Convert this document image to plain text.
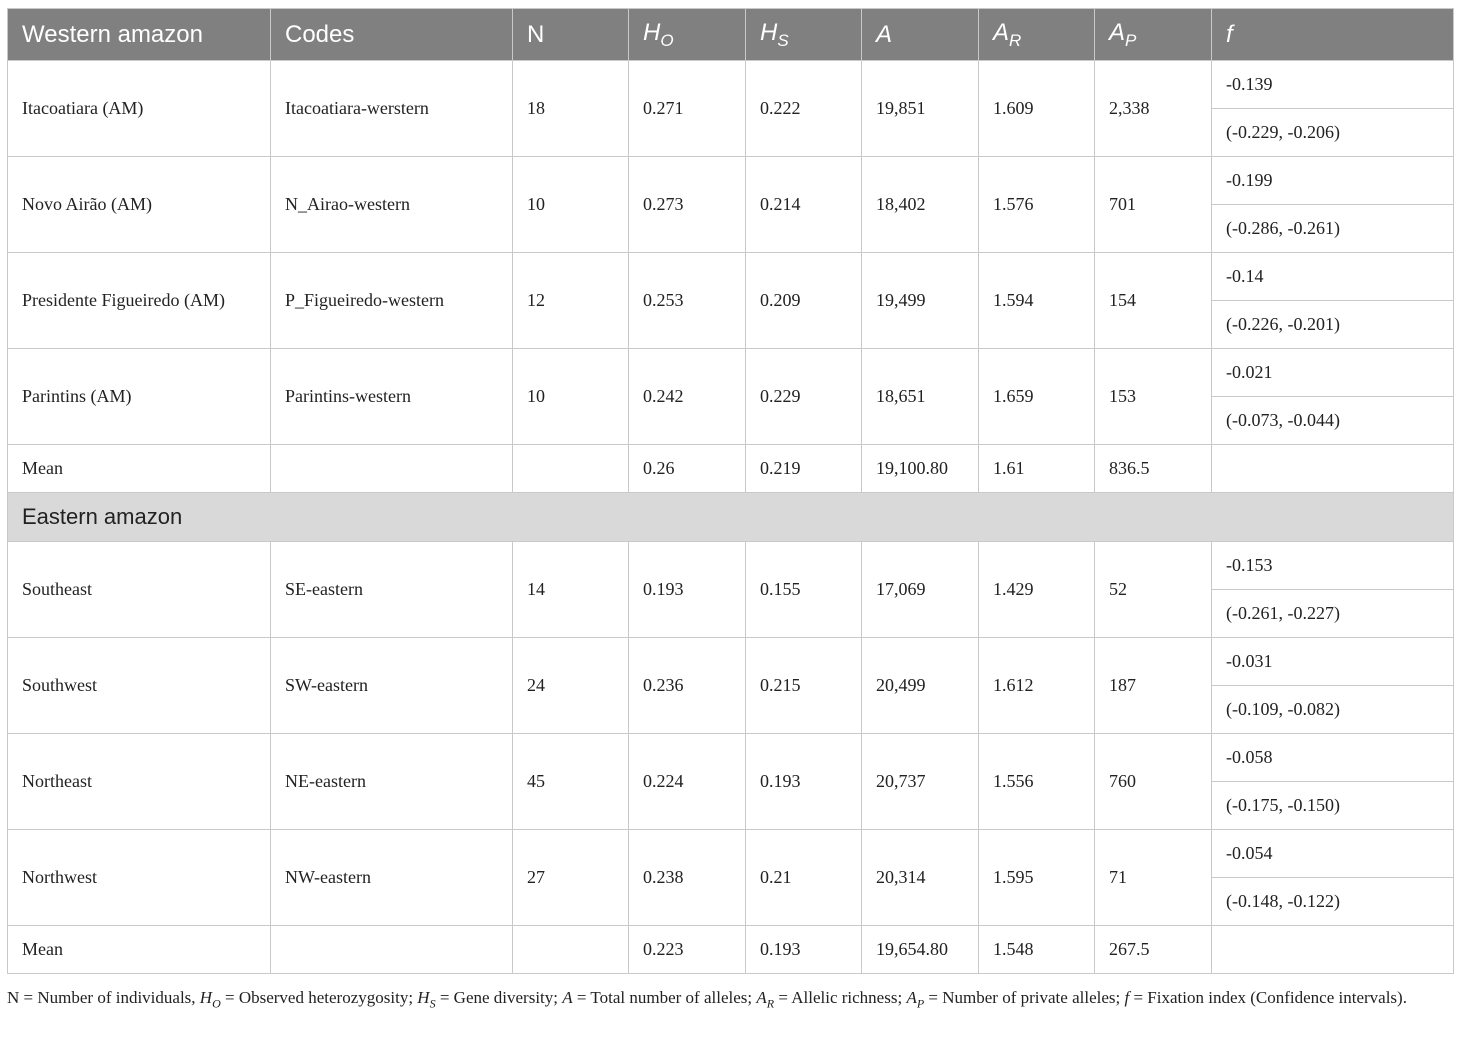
Western amazon	Codes	N	$H_O$	$H_S$	A	$A_R$	$A_P$	f
Itacoatiara (AM)	Itacoatiara-werstern	18	0.271	0.222	19,851	1.609	2,338	-0.139
								(-0.229, -0.206)
Novo Airão (AM)	N_Airao-western	10	0.273	0.214	18,402	1.576	701	-0.199
								(-0.286, -0.261)
Presidente Figueiredo (AM)	P_Figueiredo-western	12	0.253	0.209	19,499	1.594	154	-0.14
								(-0.226, -0.201)
Parintins (AM)	Parintins-western	10	0.242	0.229	18,651	1.659	153	-0.021
								(-0.073, -0.044)
Mean			0.26	0.219	19,100.80	1.61	836.5	
Eastern amazon								
Southeast	SE-eastern	14	0.193	0.155	17,069	1.429	52	-0.153
								(-0.261, -0.227)
Southwest	SW-eastern	24	0.236	0.215	20,499	1.612	187	-0.031
								(-0.109, -0.082)
Northeast	NE-eastern	45	0.224	0.193	20,737	1.556	760	-0.058
								(-0.175, -0.150)
Northwest	NW-eastern	27	0.238	0.21	20,314	1.595	71	-0.054
								(-0.148, -0.122)
Mean			0.223	0.193	19,654.80	1.548	267.5	
N = Number of individuals, $H_O$ = Observed heterozygosity; $H_S$ = Gene diversity; A = Total number of alleles; $A_R$ = Allelic richness; $A_P$ = Number of private alleles; f = Fixation index (Confidence intervals).
